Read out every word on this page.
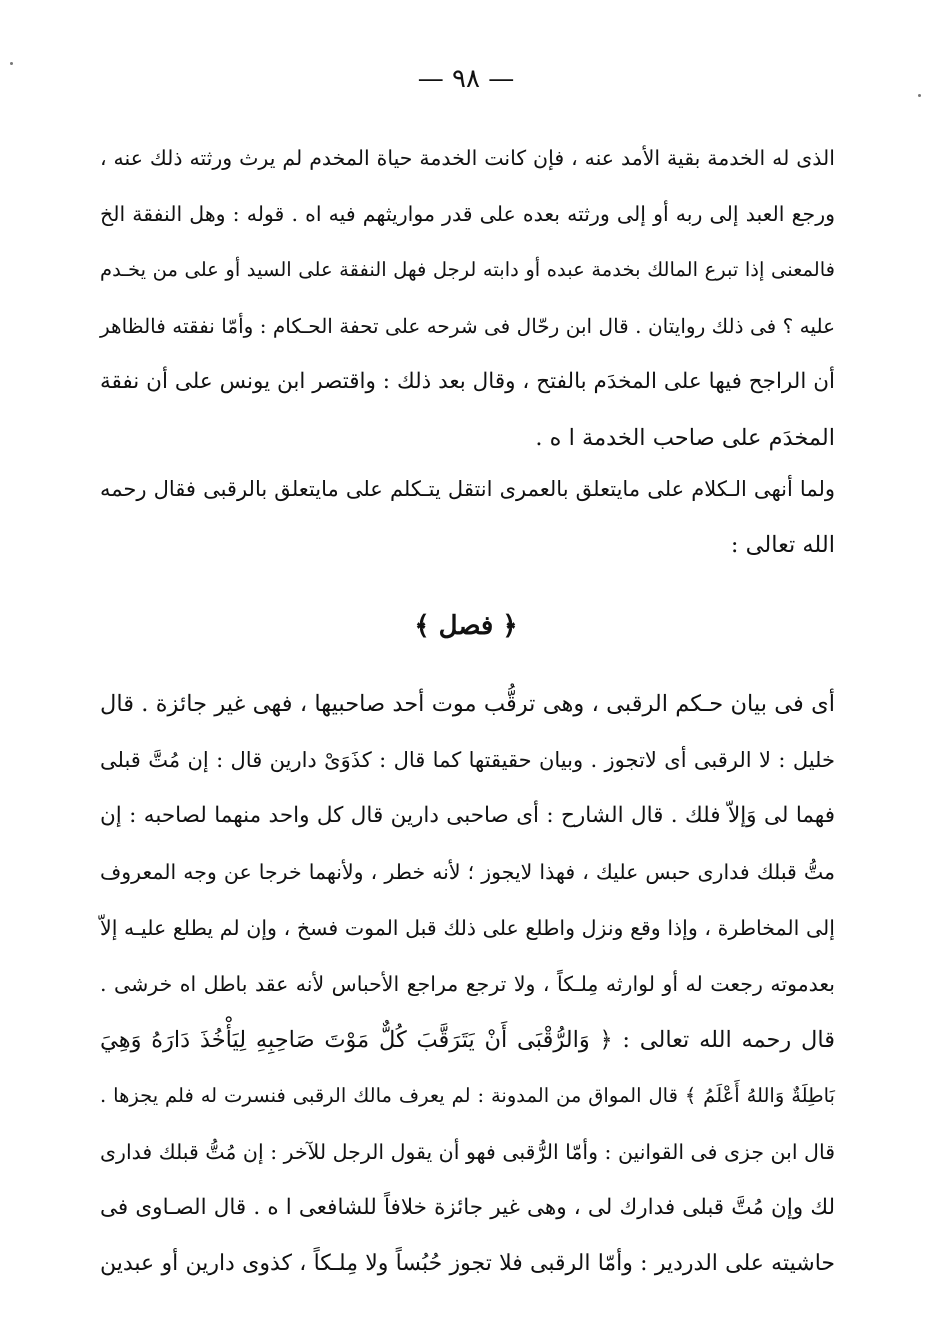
— ٩٨ —
الذى له الخدمة بقية الأمد عنه ، فإن كانت الخدمة حياة المخدم لم يرث ورثته ذلك عنه ،
ورجع العبد إلى ربه أو إلى ورثته بعده على قدر مواريثهم فيه اه . قوله : وهل النفقة الخ
فالمعنى إذا تبرع المالك بخدمة عبده أو دابته لرجل فهل النفقة على السيد أو على من يخـدم
عليه ؟ فى ذلك روايتان . قال ابن رحّال فى شرحه على تحفة الحـكام : وأمّا نفقته فالظاهر
أن الراجح فيها على المخدَم بالفتح ، وقال بعد ذلك : واقتصر ابن يونس على أن نفقة
المخدَم على صاحب الخدمة ا ه .
ولما أنهى الـكلام على مايتعلق بالعمرى انتقل يتـكلم على مايتعلق بالرقبى فقال رحمه
الله تعالى :
﴿ فصل ﴾
أى فى بيان حـكم الرقبى ، وهى ترقُّب موت أحد صاحبيها ، فهى غير جائزة . قال
خليل : لا الرقبى أى لاتجوز . وبيان حقيقتها كما قال : كذَوَىْ دارين قال : إن مُتَّ قبلى
فهما لى وَإلاّ فلك . قال الشارح : أى صاحبى دارين قال كل واحد منهما لصاحبه : إن
متُّ قبلك فدارى حبس عليك ، فهذا لايجوز ؛ لأنه خطر ، ولأنهما خرجا عن وجه المعروف
إلى المخاطرة ، وإذا وقع ونزل واطلع على ذلك قبل الموت فسخ ، وإن لم يطلع عليـه إلاّ
بعدموته رجعت له أو لوارثه مِلـكاً ، ولا ترجع مراجع الأحباس لأنه عقد باطل اه خرشى .
قال رحمه الله تعالى : ﴿ وَالرُّقْبَى أَنْ يَتَرَقَّبَ كُلٌّ مَوْتَ صَاحِبِهِ لِيَأْخُذَ دَارَهُ وَهِيَ
بَاطِلَةٌ وَاللهُ أَعْلَمُ ﴾ قال المواق من المدونة : لم يعرف مالك الرقبى فنسرت له فلم يجزها .
قال ابن جزى فى القوانين : وأمّا الرُّقبى فهو أن يقول الرجل للآخر : إن مُتُّ قبلك فدارى
لك وإن مُتَّ قبلى فدارك لى ، وهى غير جائزة خلافاً للشافعى ا ه . قال الصـاوى فى
حاشيته على الدردير : وأمّا الرقبى فلا تجوز حُبُساً ولا مِلـكاً ، كذوى دارين أو عبدين
